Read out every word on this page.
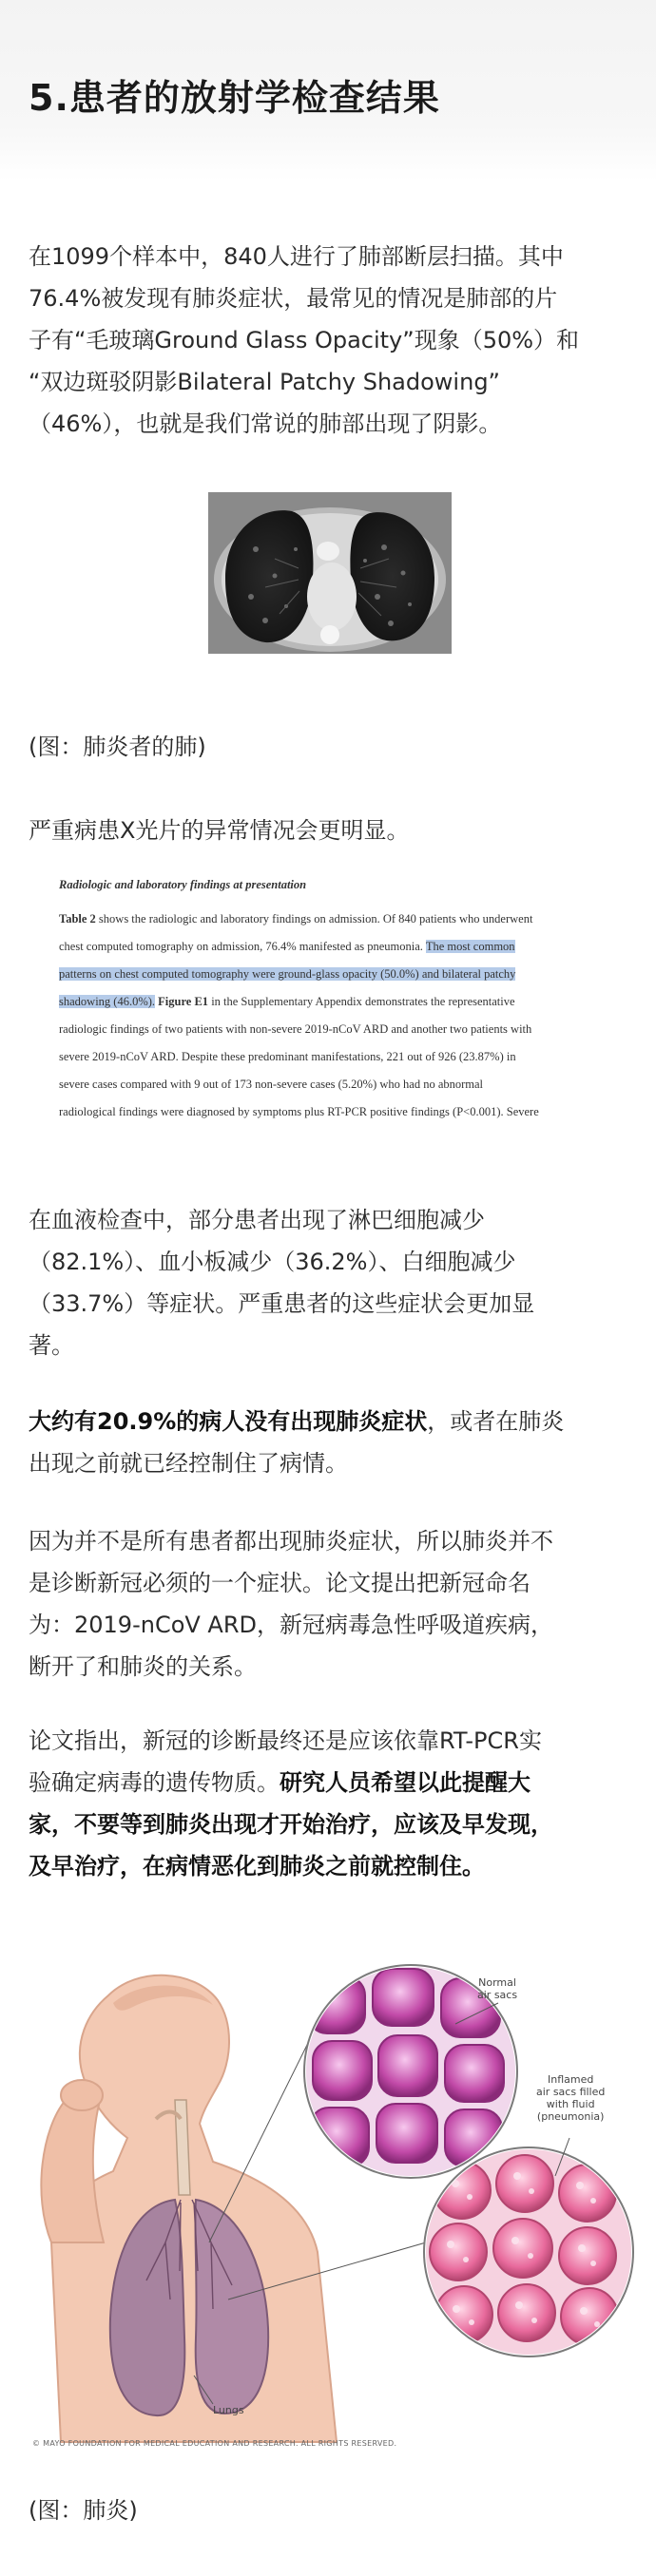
5.患者的放射学检查结果
在1099个样本中，840人进行了肺部断层扫描。其中
76.4%被发现有肺炎症状，最常见的情况是肺部的片
子有“毛玻璃Ground Glass Opacity”现象（50%）和
“双边斑驳阴影Bilateral Patchy Shadowing”
（46%），也就是我们常说的肺部出现了阴影。
(图：肺炎者的肺)
严重病患X光片的异常情况会更明显。
Radiologic and laboratory findings at presentation
Table 2 shows the radiologic and laboratory findings on admission. Of 840 patients who underwent
chest computed tomography on admission, 76.4% manifested as pneumonia. The most common
patterns on chest computed tomography were ground-glass opacity (50.0%) and bilateral patchy
shadowing (46.0%). Figure E1 in the Supplementary Appendix demonstrates the representative
radiologic findings of two patients with non-severe 2019-nCoV ARD and another two patients with
severe 2019-nCoV ARD. Despite these predominant manifestations, 221 out of 926 (23.87%) in
severe cases compared with 9 out of 173 non-severe cases (5.20%) who had no abnormal
radiological findings were diagnosed by symptoms plus RT-PCR positive findings (P<0.001). Severe
在血液检查中，部分患者出现了淋巴细胞减少
（82.1%）、血小板减少（36.2%）、白细胞减少
（33.7%）等症状。严重患者的这些症状会更加显
著。
大约有20.9%的病人没有出现肺炎症状，或者在肺炎
出现之前就已经控制住了病情。
因为并不是所有患者都出现肺炎症状，所以肺炎并不
是诊断新冠必须的一个症状。论文提出把新冠命名
为：2019-nCoV ARD，新冠病毒急性呼吸道疾病，
断开了和肺炎的关系。
论文指出，新冠的诊断最终还是应该依靠RT-PCR实
验确定病毒的遗传物质。研究人员希望以此提醒大
家，不要等到肺炎出现才开始治疗，应该及早发现，
及早治疗，在病情恶化到肺炎之前就控制住。
Normal
air sacs
Inflamed
air sacs filled
with fluid
(pneumonia)
Lungs
© MAYO FOUNDATION FOR MEDICAL EDUCATION AND RESEARCH. ALL RIGHTS RESERVED.
(图：肺炎)
